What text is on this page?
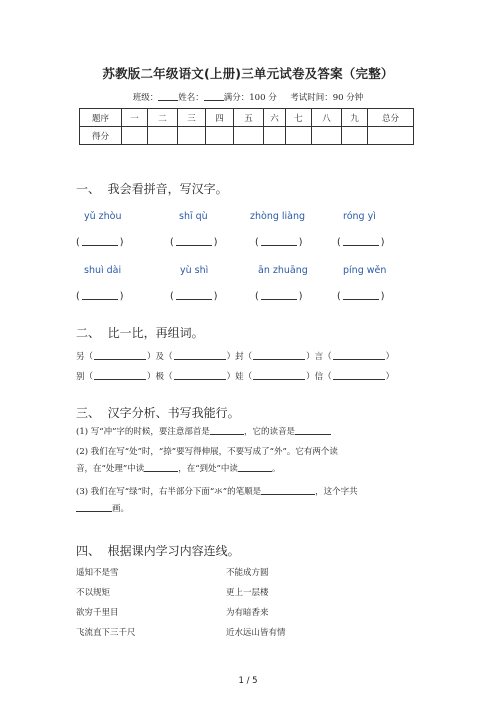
苏教版二年级语文(上册)三单元试卷及答案（完整）
班级： 姓名： 满分：100 分 考试时间：90 分钟
题序	一	二	三	四	五	六	七	八	九	总分
得分										
一、  我会看拼音，写汉字。
yǔ zhòu	shī qù	zhòng liàng	róng yì
(	)	(	)	(	)	(	)
shuì dài	yù shì	ān zhuāng	píng wěn
(	)	(	)	(	)	(	)
二、  比一比，再组词。
另（	）及（	）封（	）言（	）
别（	）极（	）娃（	）信（	）
三、  汉字分析、书写我能行。
(1) 写“冲”字的时候，要注意部首是	，它的读音是
(2) 我们在写“处”时，“捺”要写得伸展，不要写成了“外”。它有两个读
音，在“处理”中读	，在“到处”中读	。
(3) 我们在写“绿”时，右半部分下面“氺”的笔顺是	，这个字共
画。
四、  根据课内学习内容连线。
遥知不是雪
不以规矩
欲穷千里目
飞流直下三千尺
不能成方圆
更上一层楼
为有暗香来
近水远山皆有情
1 / 5
